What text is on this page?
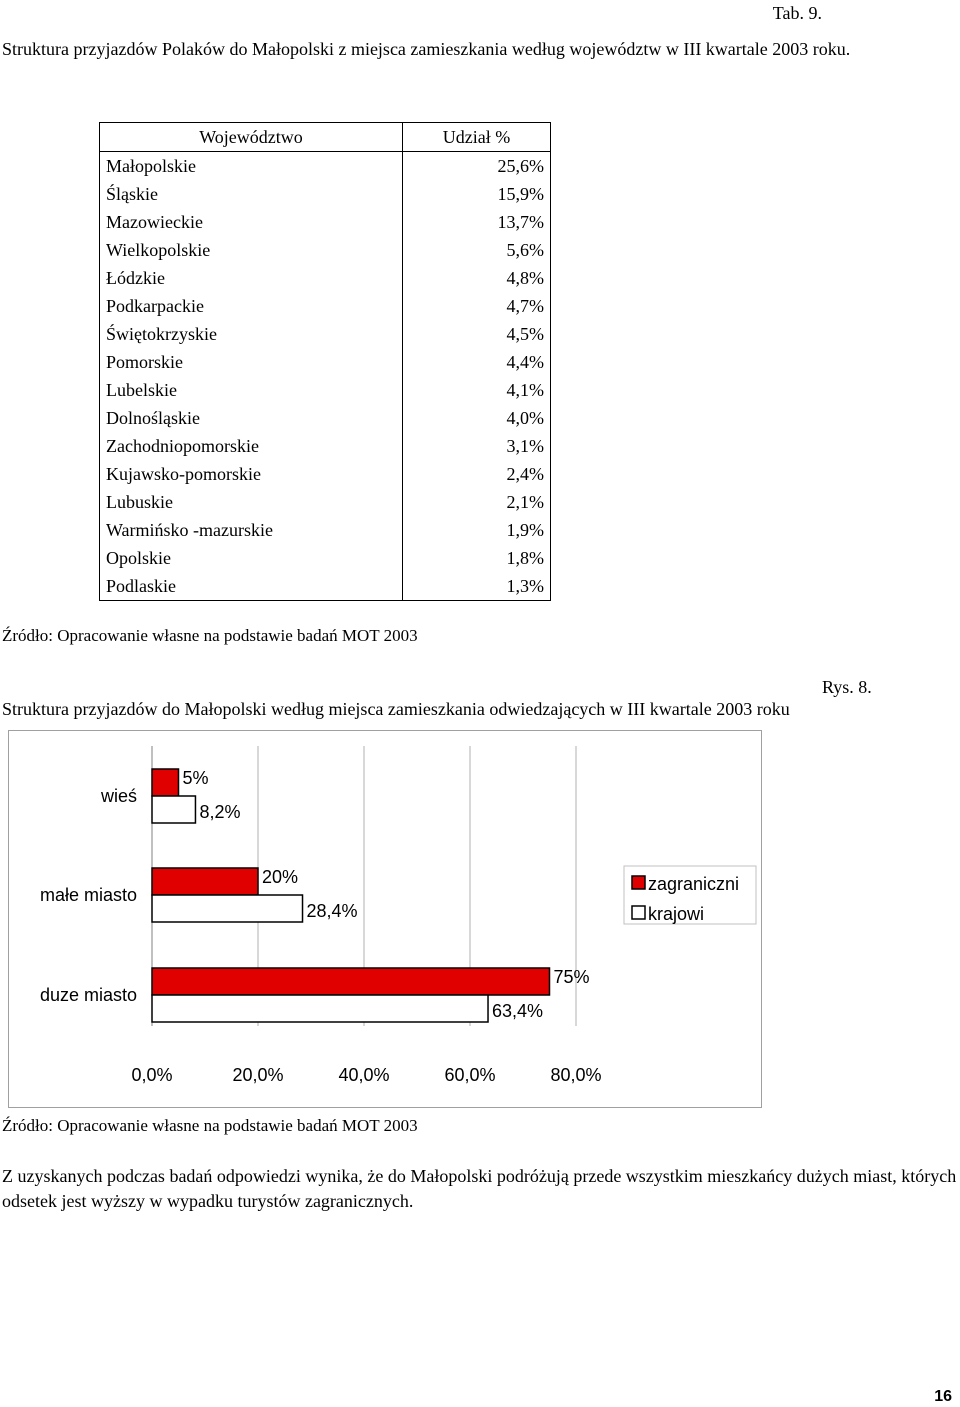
Tab. 9.
Struktura przyjazdów Polaków do Małopolski z miejsca zamieszkania według województw w III kwartale 2003 roku.
Województwo	Udział %
Małopolskie	25,6%
Śląskie	15,9%
Mazowieckie	13,7%
Wielkopolskie	5,6%
Łódzkie	4,8%
Podkarpackie	4,7%
Świętokrzyskie	4,5%
Pomorskie	4,4%
Lubelskie	4,1%
Dolnośląskie	4,0%
Zachodniopomorskie	3,1%
Kujawsko-pomorskie	2,4%
Lubuskie	2,1%
Warmińsko -mazurskie	1,9%
Opolskie	1,8%
Podlaskie	1,3%
Źródło: Opracowanie własne na podstawie badań MOT 2003
Rys. 8.
Struktura przyjazdów do Małopolski według miejsca zamieszkania odwiedzających w III kwartale 2003 roku
0,0%	20,0%	40,0%	60,0%	80,0%
wieś
5%
8,2%
małe miasto
20%
28,4%
duze miasto
75%
63,4%
zagraniczni
krajowi
Źródło: Opracowanie własne na podstawie badań MOT 2003
Z uzyskanych podczas badań odpowiedzi wynika, że do Małopolski podróżują przede wszystkim mieszkańcy dużych miast, których odsetek jest wyższy w wypadku turystów zagranicznych.
16
